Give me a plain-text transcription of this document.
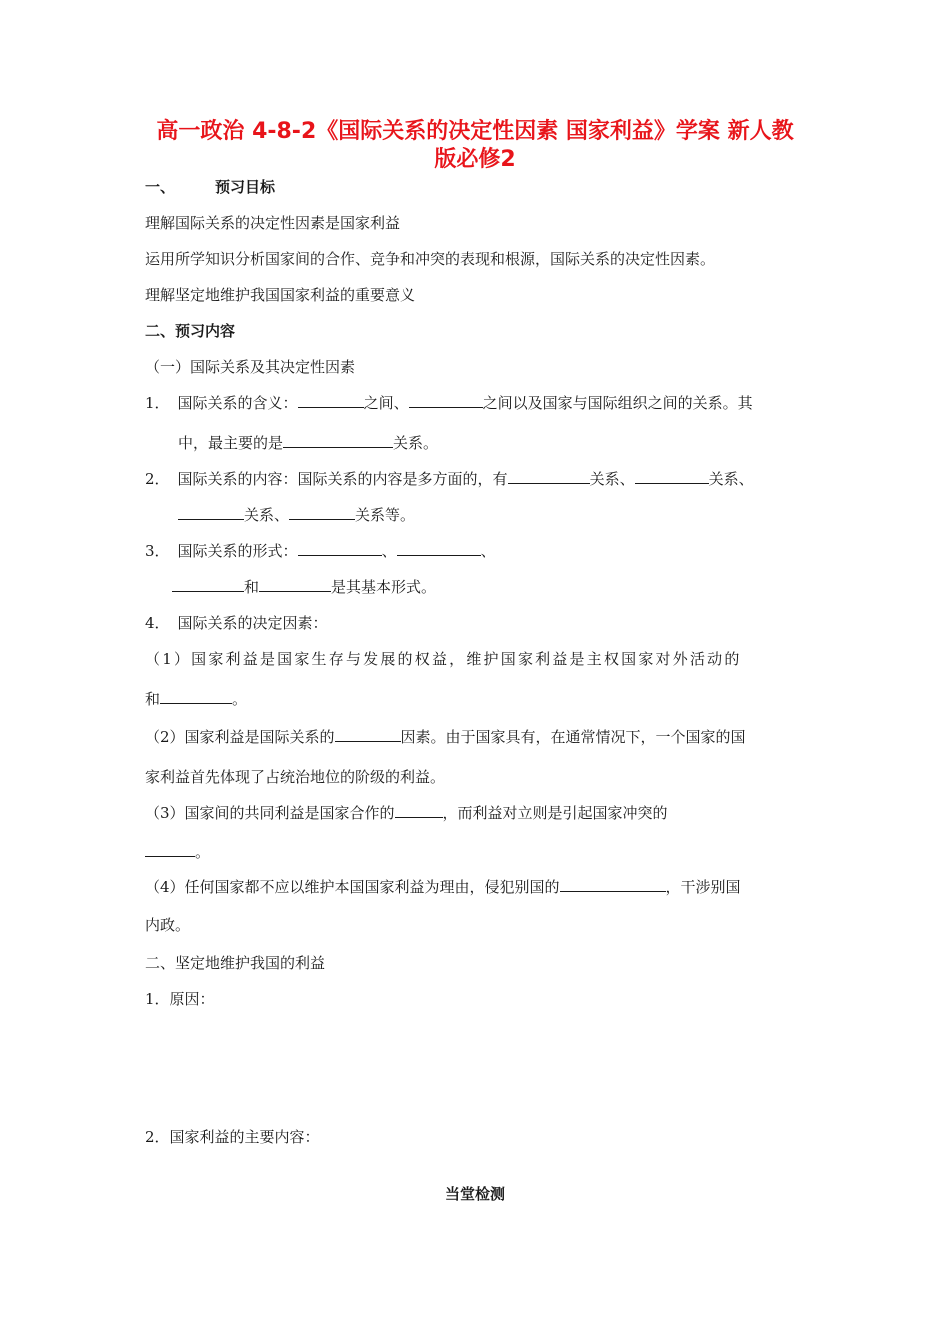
高一政治 4-8-2《国际关系的决定性因素 国家利益》学案 新人教
版必修2
一、	预习目标
理解国际关系的决定性因素是国家利益
运用所学知识分析国家间的合作、竞争和冲突的表现和根源，国际关系的决定性因素。
理解坚定地维护我国国家利益的重要意义
二、预习内容
（一）国际关系及其决定性因素
1． 国际关系的含义：	之间、	之间以及国家与国际组织之间的关系。其
中，最主要的是	关系。
2． 国际关系的内容：国际关系的内容是多方面的，有	关系、	关系、
关系、	关系等。
3． 国际关系的形式：	、	、
和	是其基本形式。
4． 国际关系的决定因素：
（1）国家利益是国家生存与发展的权益，维护国家利益是主权国家对外活动的
和	。
（2）国家利益是国际关系的	因素。由于国家具有，在通常情况下，一个国家的国
家利益首先体现了占统治地位的阶级的利益。
（3）国家间的共同利益是国家合作的	，而利益对立则是引起国家冲突的
。
（4）任何国家都不应以维护本国国家利益为理由，侵犯别国的	，干涉别国
内政。
二、坚定地维护我国的利益
1．原因：
2．国家利益的主要内容：
当堂检测
